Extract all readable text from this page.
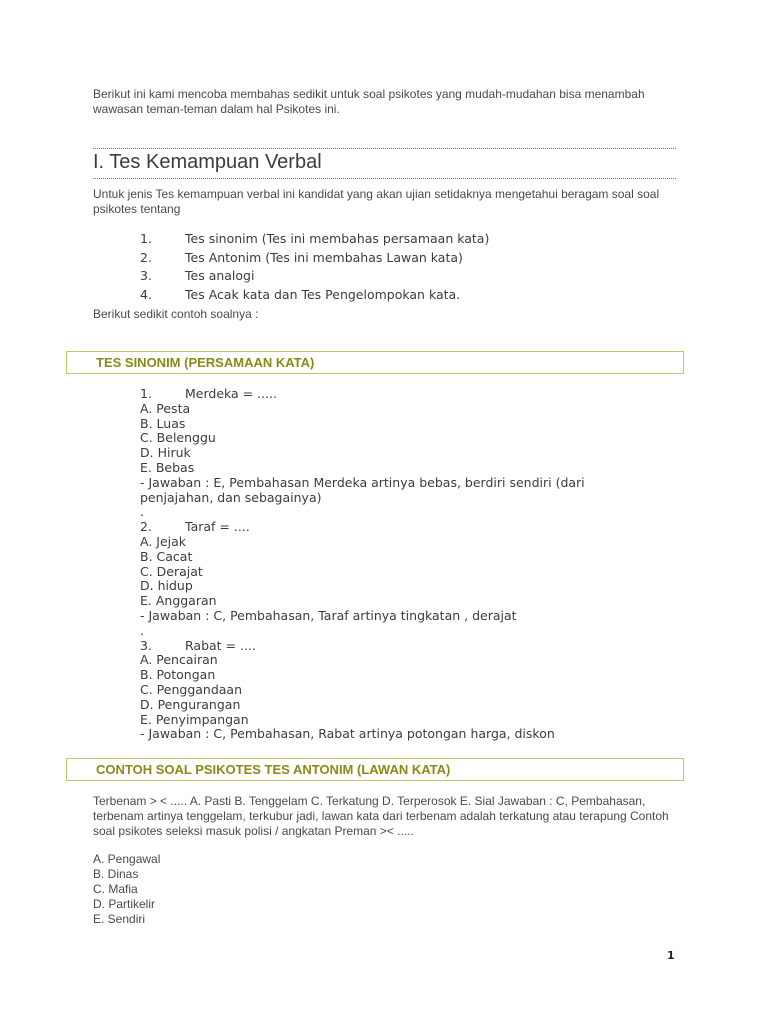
Berikut ini kami mencoba membahas sedikit untuk soal psikotes yang mudah-mudahan bisa menambah wawasan teman-teman dalam hal Psikotes ini.
I. Tes Kemampuan Verbal
Untuk jenis Tes kemampuan verbal ini kandidat yang akan ujian setidaknya mengetahui beragam soal soal psikotes tentang
1.	Tes sinonim (Tes ini membahas persamaan kata)
2.	Tes Antonim (Tes ini membahas Lawan kata)
3.	Tes analogi
4.	Tes Acak kata dan Tes Pengelompokan kata.
Berikut sedikit contoh soalnya :
TES SINONIM (PERSAMAAN KATA)
1.	Merdeka = .....
A. Pesta
B. Luas
C. Belenggu
D. Hiruk
E. Bebas
- Jawaban : E, Pembahasan Merdeka artinya bebas, berdiri sendiri (dari penjajahan, dan sebagainya)
.
2.	Taraf = ....
A. Jejak
B. Cacat
C. Derajat
D. hidup
E. Anggaran
- Jawaban : C, Pembahasan, Taraf artinya tingkatan , derajat
.
3.	Rabat = ....
A. Pencairan
B. Potongan
C. Penggandaan
D. Pengurangan
E. Penyimpangan
- Jawaban : C, Pembahasan, Rabat artinya potongan harga, diskon
CONTOH SOAL PSIKOTES TES ANTONIM (LAWAN KATA)
Terbenam > < ..... A. Pasti B. Tenggelam C. Terkatung D. Terperosok E. Sial Jawaban : C, Pembahasan, terbenam artinya tenggelam, terkubur jadi, lawan kata dari terbenam adalah terkatung atau terapung Contoh soal psikotes seleksi masuk polisi / angkatan Preman >< .....
A. Pengawal
B. Dinas
C. Mafia
D. Partikelir
E. Sendiri
1
